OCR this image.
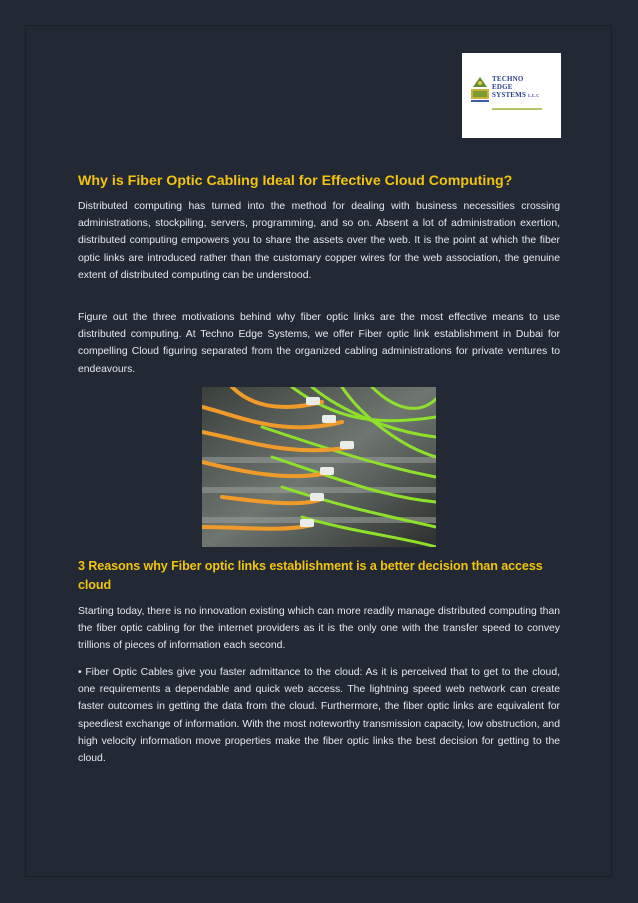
TECHNO
EDGE
SYSTEMS L.L.C
Why is Fiber Optic Cabling Ideal for Effective Cloud Computing?

Distributed computing has turned into the method for dealing with business necessities crossing administrations, stockpiling, servers, programming, and so on. Absent a lot of administration exertion, distributed computing empowers you to share the assets over the web. It is the point at which the fiber optic links are introduced rather than the customary copper wires for the web association, the genuine extent of distributed computing can be understood.

Figure out the three motivations behind why fiber optic links are the most effective means to use distributed computing. At Techno Edge Systems, we offer Fiber optic link establishment in Dubai for compelling Cloud figuring separated from the organized cabling administrations for private ventures to endeavours.

3 Reasons why Fiber optic links establishment is a better decision than access cloud

Starting today, there is no innovation existing which can more readily manage distributed computing than the fiber optic cabling for the internet providers as it is the only one with the transfer speed to convey trillions of pieces of information each second.

• Fiber Optic Cables give you faster admittance to the cloud: As it is perceived that to get to the cloud, one requirements a dependable and quick web access. The lightning speed web network can create faster outcomes in getting the data from the cloud. Furthermore, the fiber optic links are equivalent for speediest exchange of information. With the most noteworthy transmission capacity, low obstruction, and high velocity information move properties make the fiber optic links the best decision for getting to the cloud.
